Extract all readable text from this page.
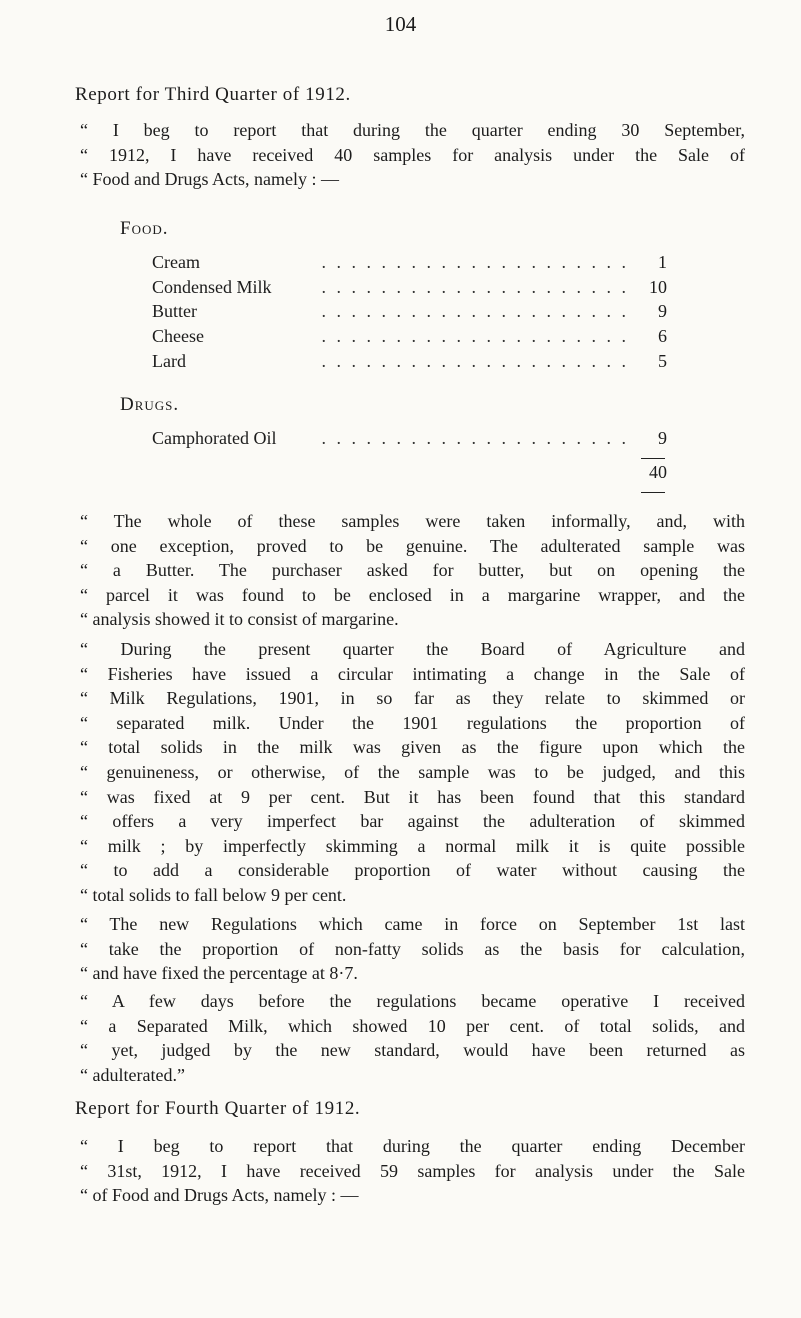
104
Report for Third Quarter of 1912.

“ I beg to report that during the quarter ending 30 September,

“ 1912, I have received 40 samples for analysis under the Sale of

“ Food and Drugs Acts, namely : —

Food.
Cream	. . . . . . . . . . . . . . . . . . . . .	1
Condensed Milk	. . . . . . . . . . . . . . . . . . . . .	10
Butter	. . . . . . . . . . . . . . . . . . . . .	9
Cheese	. . . . . . . . . . . . . . . . . . . . .	6
Lard	. . . . . . . . . . . . . . . . . . . . .	5
Drugs.
Camphorated Oil	. . . . . . . . . . . . . . . . . . . . .	9
40

“ The whole of these samples were taken informally, and, with

“ one exception, proved to be genuine. The adulterated sample was

“ a Butter. The purchaser asked for butter, but on opening the

“ parcel it was found to be enclosed in a margarine wrapper, and the

“ analysis showed it to consist of margarine.

“ During the present quarter the Board of Agriculture and

“ Fisheries have issued a circular intimating a change in the Sale of

“ Milk Regulations, 1901, in so far as they relate to skimmed or

“ separated milk. Under the 1901 regulations the proportion of

“ total solids in the milk was given as the figure upon which the

“ genuineness, or otherwise, of the sample was to be judged, and this

“ was fixed at 9 per cent. But it has been found that this standard

“ offers a very imperfect bar against the adulteration of skimmed

“ milk ; by imperfectly skimming a normal milk it is quite possible

“ to add a considerable proportion of water without causing the

“ total solids to fall below 9 per cent.

“ The new Regulations which came in force on September 1st last

“ take the proportion of non-fatty solids as the basis for calculation,

“ and have fixed the percentage at 8·7.

“ A few days before the regulations became operative I received

“ a Separated Milk, which showed 10 per cent. of total solids, and

“ yet, judged by the new standard, would have been returned as

“ adulterated.”

Report for Fourth Quarter of 1912.

“ I beg to report that during the quarter ending December

“ 31st, 1912, I have received 59 samples for analysis under the Sale

“ of Food and Drugs Acts, namely : —
